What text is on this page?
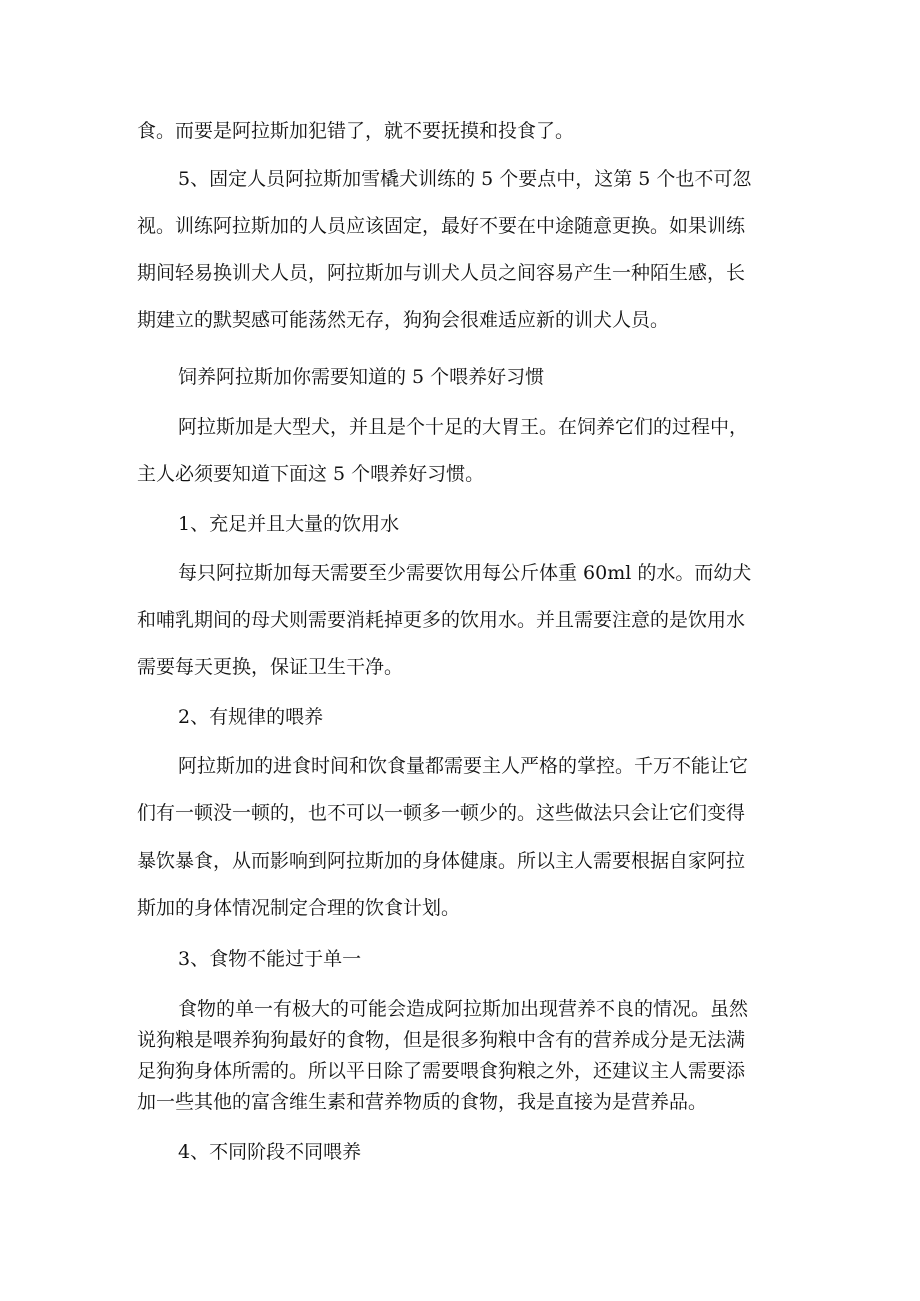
食。而要是阿拉斯加犯错了，就不要抚摸和投食了。

5、固定人员阿拉斯加雪橇犬训练的 5 个要点中，这第 5 个也不可忽

视。训练阿拉斯加的人员应该固定，最好不要在中途随意更换。如果训练

期间轻易换训犬人员，阿拉斯加与训犬人员之间容易产生一种陌生感，长

期建立的默契感可能荡然无存，狗狗会很难适应新的训犬人员。

饲养阿拉斯加你需要知道的 5 个喂养好习惯

阿拉斯加是大型犬，并且是个十足的大胃王。在饲养它们的过程中，

主人必须要知道下面这 5 个喂养好习惯。

1、充足并且大量的饮用水

每只阿拉斯加每天需要至少需要饮用每公斤体重 60ml 的水。而幼犬

和哺乳期间的母犬则需要消耗掉更多的饮用水。并且需要注意的是饮用水

需要每天更换，保证卫生干净。

2、有规律的喂养

阿拉斯加的进食时间和饮食量都需要主人严格的掌控。千万不能让它

们有一顿没一顿的，也不可以一顿多一顿少的。这些做法只会让它们变得

暴饮暴食，从而影响到阿拉斯加的身体健康。所以主人需要根据自家阿拉

斯加的身体情况制定合理的饮食计划。

3、食物不能过于单一

食物的单一有极大的可能会造成阿拉斯加出现营养不良的情况。虽然

说狗粮是喂养狗狗最好的食物，但是很多狗粮中含有的营养成分是无法满

足狗狗身体所需的。所以平日除了需要喂食狗粮之外，还建议主人需要添

加一些其他的富含维生素和营养物质的食物，我是直接为是营养品。

4、不同阶段不同喂养
